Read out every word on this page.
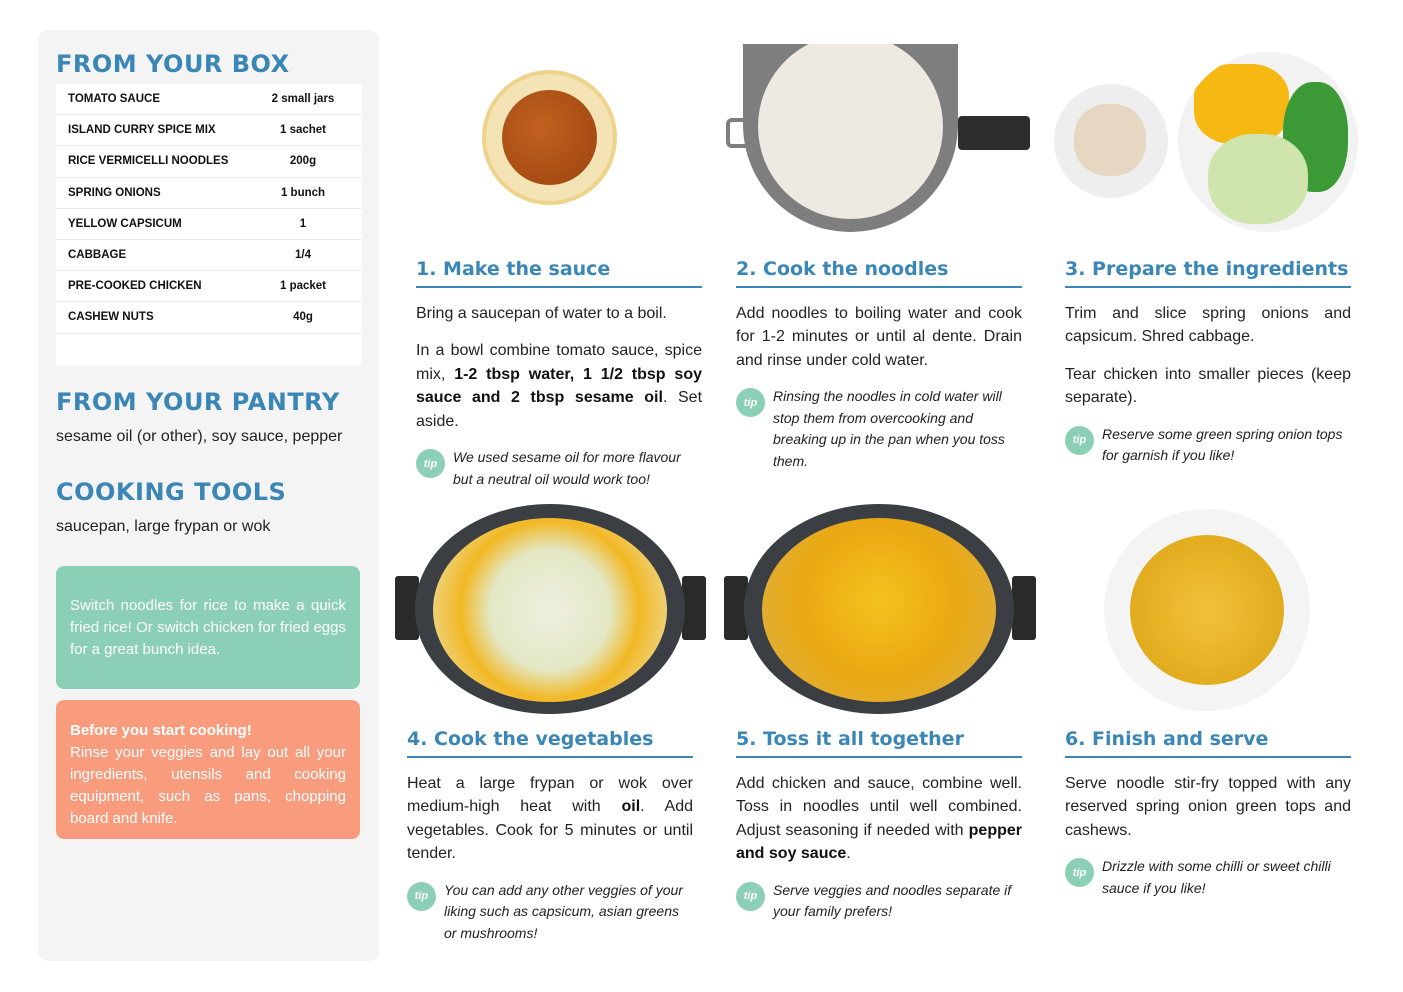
FROM YOUR BOX
TOMATO SAUCE	2 small jars
ISLAND CURRY SPICE MIX	1 sachet
RICE VERMICELLI NOODLES	200g
SPRING ONIONS	1 bunch
YELLOW CAPSICUM	1
CABBAGE	1/4
PRE-COOKED CHICKEN	1 packet
CASHEW NUTS	40g
FROM YOUR PANTRY
sesame oil (or other), soy sauce, pepper
COOKING TOOLS
saucepan, large frypan or wok
Switch noodles for rice to make a quick fried rice! Or switch chicken for fried eggs for a great bunch idea.
Before you start cooking!
Rinse your veggies and lay out all your ingredients, utensils and cooking equipment, such as pans, chopping board and knife.
1. Make the sauce

Bring a saucepan of water to a boil.

In a bowl combine tomato sauce, spice mix, 1-2 tbsp water, 1 1/2 tbsp soy sauce and 2 tbsp sesame oil. Set aside.

tip	We used sesame oil for more flavour but a neutral oil would work too!
2. Cook the noodles

Add noodles to boiling water and cook for 1-2 minutes or until al dente. Drain and rinse under cold water.

tip	Rinsing the noodles in cold water will stop them from overcooking and breaking up in the pan when you toss them.
3. Prepare the ingredients

Trim and slice spring onions and capsicum. Shred cabbage.

Tear chicken into smaller pieces (keep separate).

tip	Reserve some green spring onion tops for garnish if you like!
4. Cook the vegetables

Heat a large frypan or wok over medium-high heat with oil. Add vegetables. Cook for 5 minutes or until tender.

tip	You can add any other veggies of your liking such as capsicum, asian greens or mushrooms!
5. Toss it all together

Add chicken and sauce, combine well. Toss in noodles until well combined. Adjust seasoning if needed with pepper and soy sauce.

tip	Serve veggies and noodles separate if your family prefers!
6. Finish and serve

Serve noodle stir-fry topped with any reserved spring onion green tops and cashews.

tip	Drizzle with some chilli or sweet chilli sauce if you like!
